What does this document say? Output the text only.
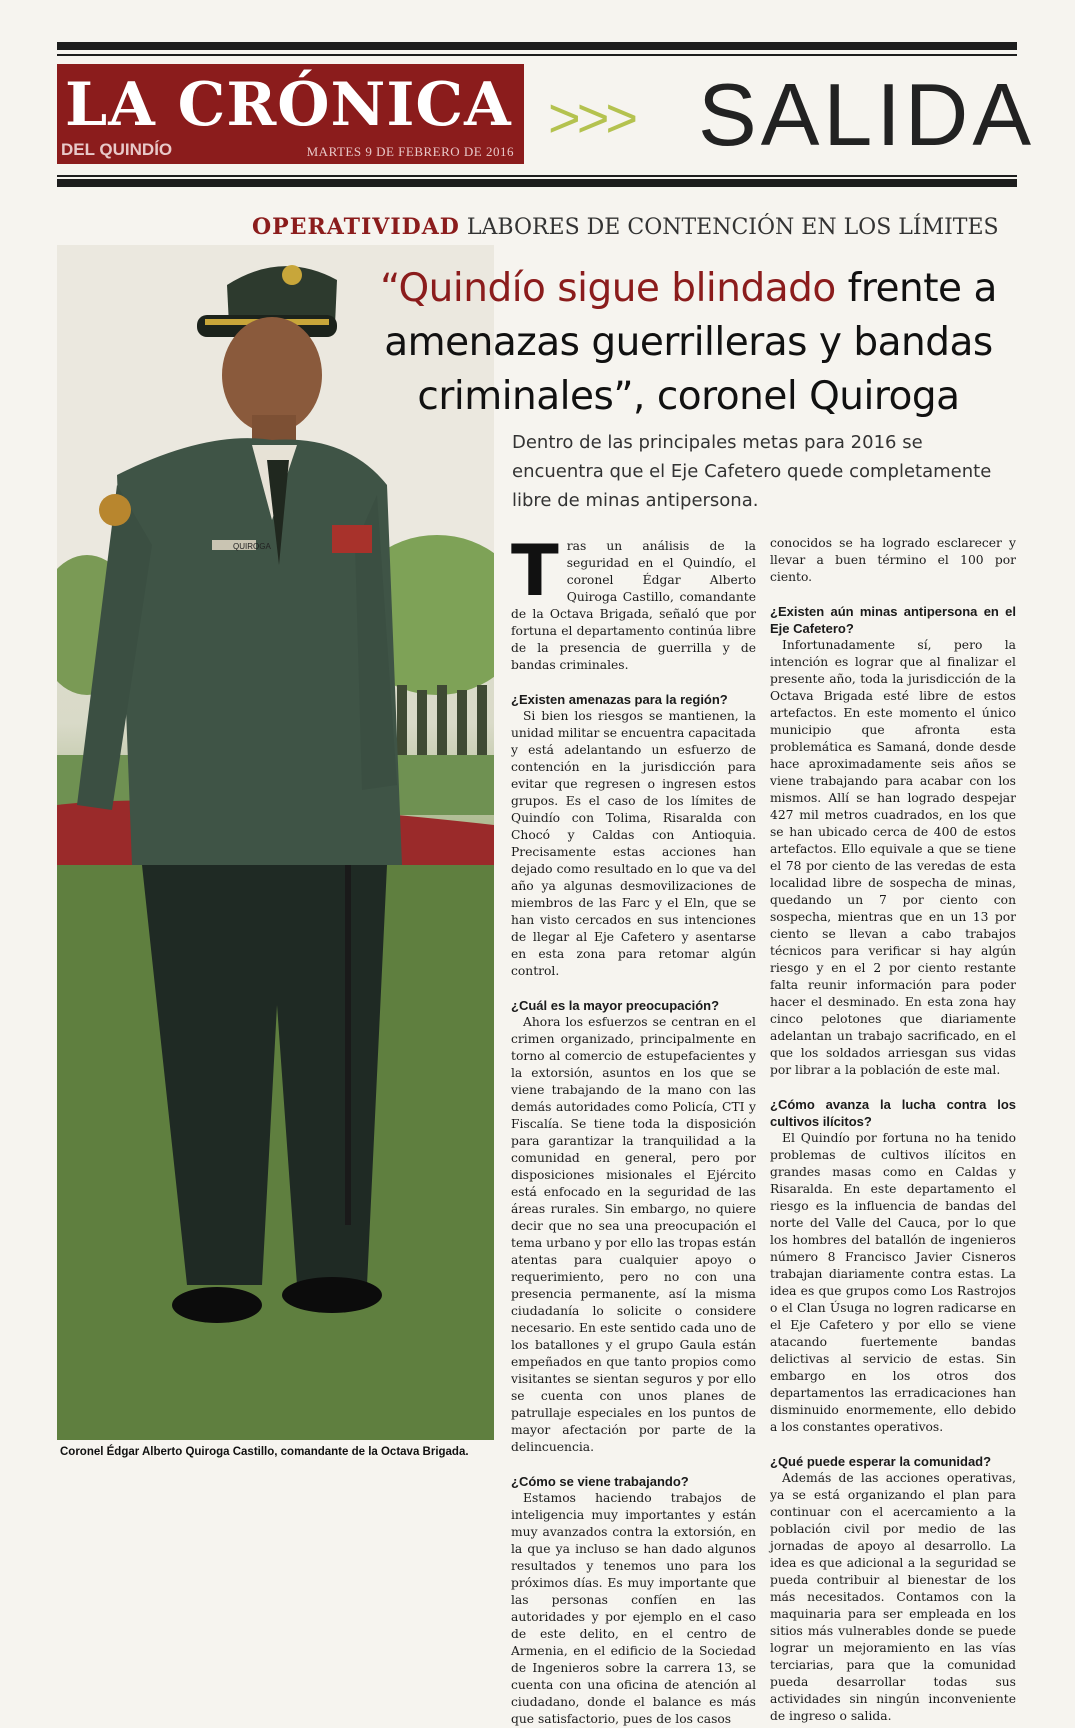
LA CRÓNICA
DEL QUINDÍO	MARTES 9 DE FEBRERO DE 2016
>>> SALIDA
OPERATIVIDAD LABORES DE CONTENCIÓN EN LOS LÍMITES
QUIROGA
“Quindío sigue blindado frente a amenazas guerrilleras y bandas criminales”, coronel Quiroga
Dentro de las principales metas para 2016 se encuentra que el Eje Cafetero quede completamente libre de minas antipersona.

Tras un análisis de la seguridad en el Quindío, el coronel Édgar Alberto Quiroga Castillo, comandante de la Octava Brigada, señaló que por fortuna el departamento continúa libre de la presencia de guerrilla y de bandas criminales.

¿Existen amenazas para la región?

Si bien los riesgos se mantienen, la unidad militar se encuentra capacitada y está adelantando un esfuerzo de contención en la jurisdicción para evitar que regresen o ingresen estos grupos. Es el caso de los límites de Quindío con Tolima, Risaralda con Chocó y Caldas con Antioquia. Precisamente estas acciones han dejado como resultado en lo que va del año ya algunas desmovilizaciones de miembros de las Farc y el Eln, que se han visto cercados en sus intenciones de llegar al Eje Cafetero y asentarse en esta zona para retomar algún control.

¿Cuál es la mayor preocupación?

Ahora los esfuerzos se centran en el crimen organizado, principalmente en torno al comercio de estupefacientes y la extorsión, asuntos en los que se viene trabajando de la mano con las demás autoridades como Policía, CTI y Fiscalía. Se tiene toda la disposición para garantizar la tranquilidad a la comunidad en general, pero por disposiciones misionales el Ejército está enfocado en la seguridad de las áreas rurales. Sin embargo, no quiere decir que no sea una preocupación el tema urbano y por ello las tropas están atentas para cualquier apoyo o requerimiento, pero no con una presencia permanente, así la misma ciudadanía lo solicite o considere necesario. En este sentido cada uno de los batallones y el grupo Gaula están empeñados en que tanto propios como visitantes se sientan seguros y por ello se cuenta con unos planes de patrullaje especiales en los puntos de mayor afectación por parte de la delincuencia.

¿Cómo se viene trabajando?

Estamos haciendo trabajos de inteligencia muy importantes y están muy avanzados contra la extorsión, en la que ya incluso se han dado algunos resultados y tenemos uno para los próximos días. Es muy importante que las personas confíen en las autoridades y por ejemplo en el caso de este delito, en el centro de Armenia, en el edificio de la Sociedad de Ingenieros sobre la carrera 13, se cuenta con una oficina de atención al ciudadano, donde el balance es más que satisfactorio, pues de los casos

conocidos se ha logrado esclarecer y llevar a buen término el 100 por ciento.

¿Existen aún minas antipersona en el Eje Cafetero?

Infortunadamente sí, pero la intención es lograr que al finalizar el presente año, toda la jurisdicción de la Octava Brigada esté libre de estos artefactos. En este momento el único municipio que afronta esta problemática es Samaná, donde desde hace aproximadamente seis años se viene trabajando para acabar con los mismos. Allí se han logrado despejar 427 mil metros cuadrados, en los que se han ubicado cerca de 400 de estos artefactos. Ello equivale a que se tiene el 78 por ciento de las veredas de esta localidad libre de sospecha de minas, quedando un 7 por ciento con sospecha, mientras que en un 13 por ciento se llevan a cabo trabajos técnicos para verificar si hay algún riesgo y en el 2 por ciento restante falta reunir información para poder hacer el desminado. En esta zona hay cinco pelotones que diariamente adelantan un trabajo sacrificado, en el que los soldados arriesgan sus vidas por librar a la población de este mal.

¿Cómo avanza la lucha contra los cultivos ilícitos?

El Quindío por fortuna no ha tenido problemas de cultivos ilícitos en grandes masas como en Caldas y Risaralda. En este departamento el riesgo es la influencia de bandas del norte del Valle del Cauca, por lo que los hombres del batallón de ingenieros número 8 Francisco Javier Cisneros trabajan diariamente contra estas. La idea es que grupos como Los Rastrojos o el Clan Úsuga no logren radicarse en el Eje Cafetero y por ello se viene atacando fuertemente bandas delictivas al servicio de estas. Sin embargo en los otros dos departamentos las erradicaciones han disminuido enormemente, ello debido a los constantes operativos.

¿Qué puede esperar la comunidad?

Además de las acciones operativas, ya se está organizando el plan para continuar con el acercamiento a la población civil por medio de las jornadas de apoyo al desarrollo. La idea es que adicional a la seguridad se pueda contribuir al bienestar de los más necesitados. Contamos con la maquinaria para ser empleada en los sitios más vulnerables donde se puede lograr un mejoramiento en las vías terciarias, para que la comunidad pueda desarrollar todas sus actividades sin ningún inconveniente de ingreso o salida.

Coronel Édgar Alberto Quiroga Castillo, comandante de la Octava Brigada.
